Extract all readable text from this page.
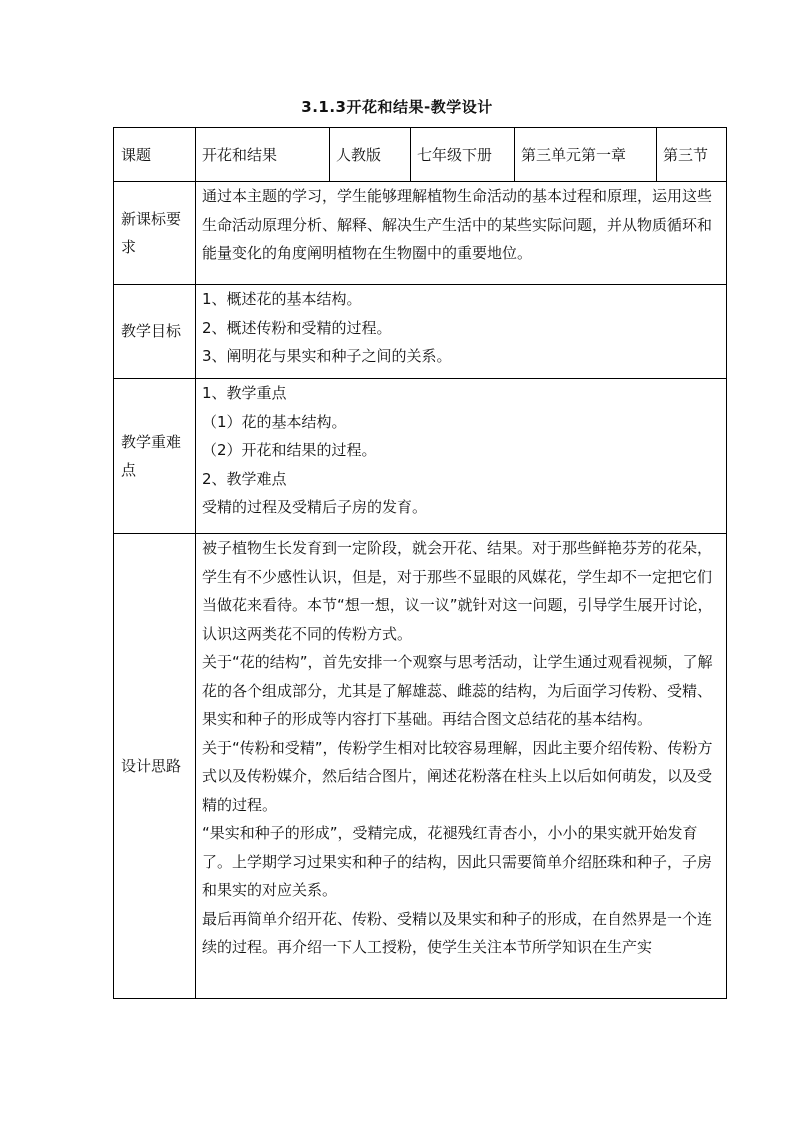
3.1.3开花和结果-教学设计
课题	开花和结果	人教版	七年级下册	第三单元第一章	第三节
新课标要求	通过本主题的学习，学生能够理解植物生命活动的基本过程和原理，运用这些生命活动原理分析、解释、解决生产生活中的某些实际问题，并从物质循环和能量变化的角度阐明植物在生物圈中的重要地位。				
教学目标	1、概述花的基本结构。
2、概述传粉和受精的过程。
3、阐明花与果实和种子之间的关系。				

教学重难点	1、教学重点
（1）花的基本结构。
（2）开花和结果的过程。
2、教学难点
受精的过程及受精后子房的发育。				

设计思路	被子植物生长发育到一定阶段，就会开花、结果。对于那些鲜艳芬芳的花朵，学生有不少感性认识，但是，对于那些不显眼的风媒花，学生却不一定把它们当做花来看待。本节“想一想，议一议”就针对这一问题，引导学生展开讨论，认识这两类花不同的传粉方式。
关于“花的结构”，首先安排一个观察与思考活动，让学生通过观看视频，了解花的各个组成部分，尤其是了解雄蕊、雌蕊的结构，为后面学习传粉、受精、果实和种子的形成等内容打下基础。再结合图文总结花的基本结构。
关于“传粉和受精”，传粉学生相对比较容易理解，因此主要介绍传粉、传粉方式以及传粉媒介，然后结合图片，阐述花粉落在柱头上以后如何萌发，以及受精的过程。
“果实和种子的形成”，受精完成，花褪残红青杏小，小小的果实就开始发育了。上学期学习过果实和种子的结构，因此只需要简单介绍胚珠和种子，子房和果实的对应关系。
最后再简单介绍开花、传粉、受精以及果实和种子的形成，在自然界是一个连续的过程。再介绍一下人工授粉，使学生关注本节所学知识在生产实				
